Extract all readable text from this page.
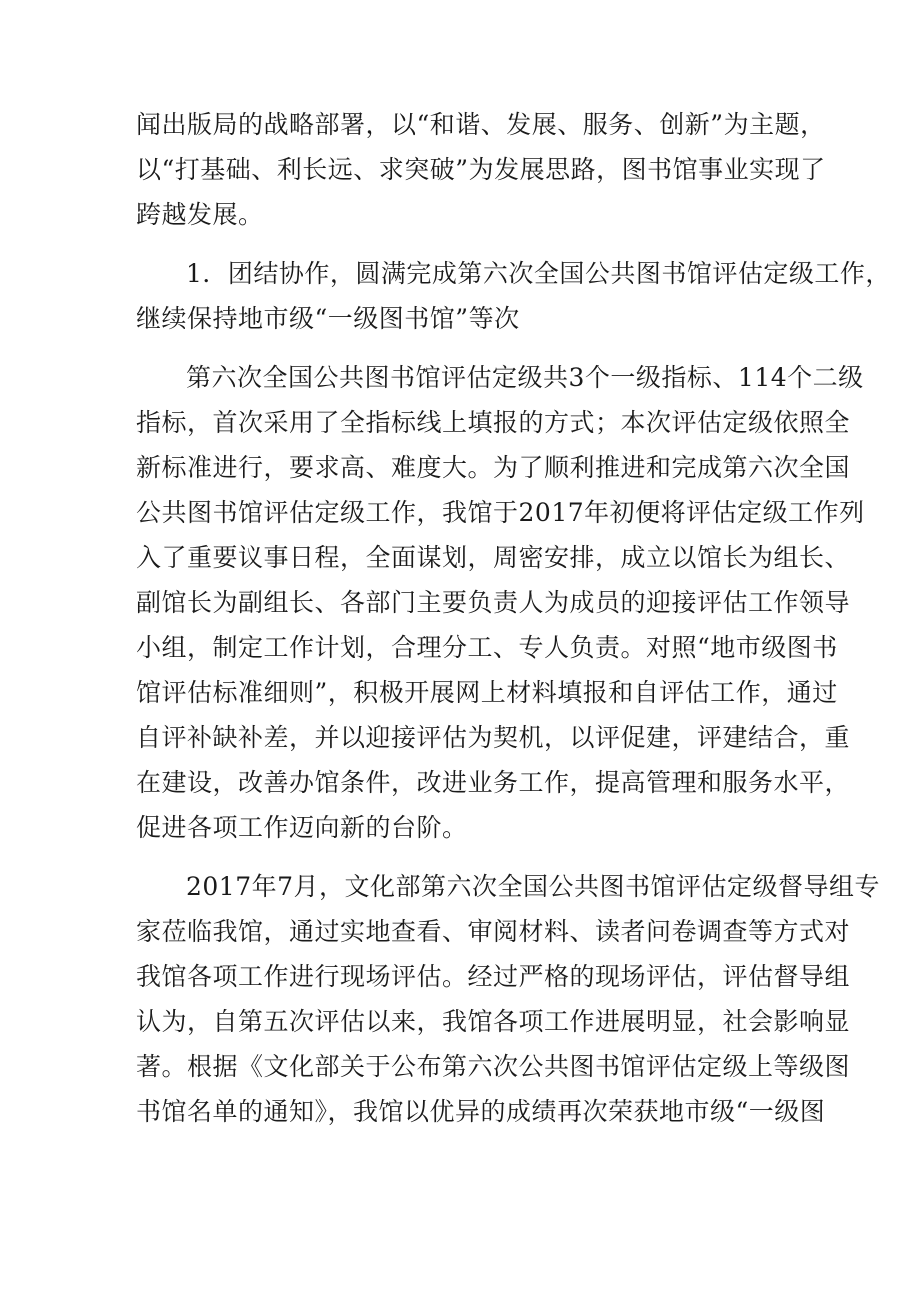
闻出版局的战略部署，以“和谐、发展、服务、创新”为主题，
以“打基础、利长远、求突破”为发展思路，图书馆事业实现了
跨越发展。
1．团结协作，圆满完成第六次全国公共图书馆评估定级工作，
继续保持地市级“一级图书馆”等次
第六次全国公共图书馆评估定级共3个一级指标、114个二级
指标，首次采用了全指标线上填报的方式；本次评估定级依照全
新标准进行，要求高、难度大。为了顺利推进和完成第六次全国
公共图书馆评估定级工作，我馆于2017年初便将评估定级工作列
入了重要议事日程，全面谋划，周密安排，成立以馆长为组长、
副馆长为副组长、各部门主要负责人为成员的迎接评估工作领导
小组，制定工作计划，合理分工、专人负责。对照“地市级图书
馆评估标准细则”，积极开展网上材料填报和自评估工作，通过
自评补缺补差，并以迎接评估为契机，以评促建，评建结合，重
在建设，改善办馆条件，改进业务工作，提高管理和服务水平，
促进各项工作迈向新的台阶。
2017年7月，文化部第六次全国公共图书馆评估定级督导组专
家莅临我馆，通过实地查看、审阅材料、读者问卷调查等方式对
我馆各项工作进行现场评估。经过严格的现场评估，评估督导组
认为，自第五次评估以来，我馆各项工作进展明显，社会影响显
著。根据《文化部关于公布第六次公共图书馆评估定级上等级图
书馆名单的通知》，我馆以优异的成绩再次荣获地市级“一级图
